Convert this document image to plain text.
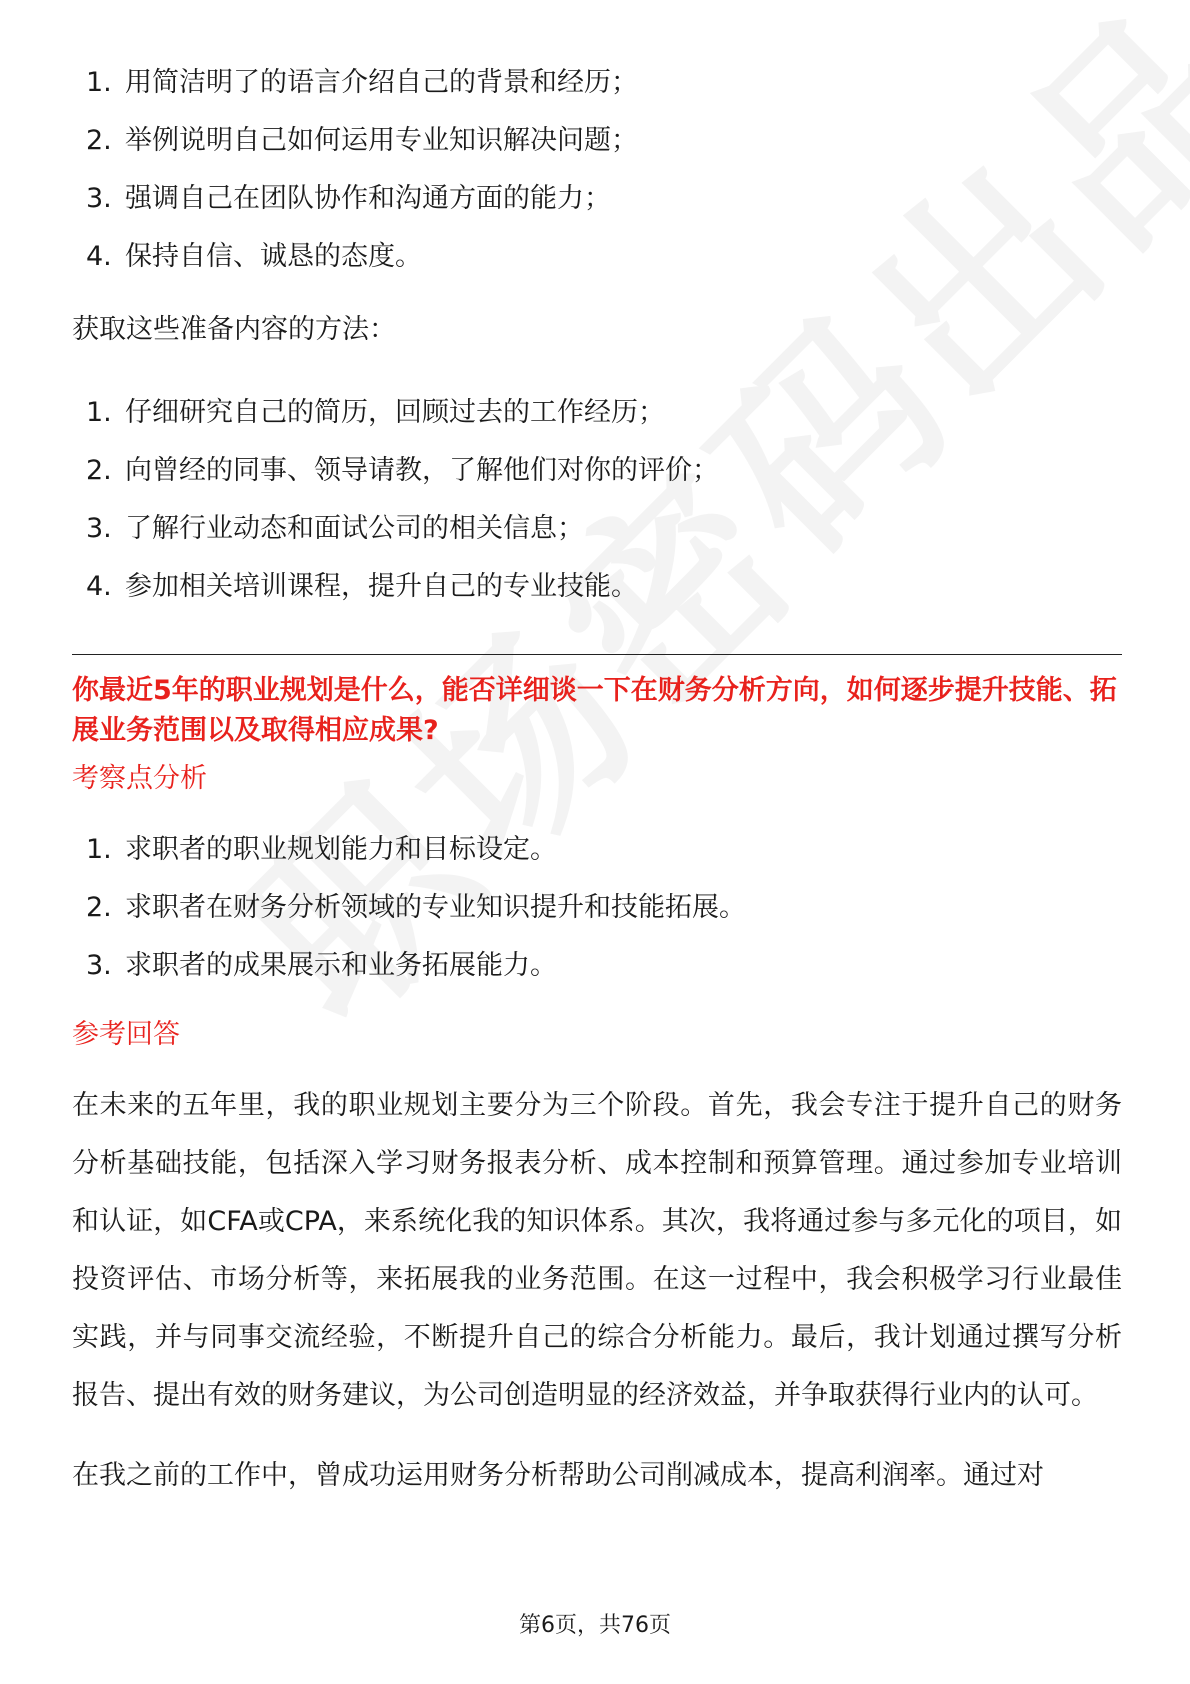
1. 用简洁明了的语言介绍自己的背景和经历；
2. 举例说明自己如何运用专业知识解决问题；
3. 强调自己在团队协作和沟通方面的能力；
4. 保持自信、诚恳的态度。

获取这些准备内容的方法：

1. 仔细研究自己的简历，回顾过去的工作经历；
2. 向曾经的同事、领导请教，了解他们对你的评价；
3. 了解行业动态和面试公司的相关信息；
4. 参加相关培训课程，提升自己的专业技能。

你最近5年的职业规划是什么，能否详细谈一下在财务分析方向，如何逐步提升技能、拓展业务范围以及取得相应成果?

考察点分析

1. 求职者的职业规划能力和目标设定。
2. 求职者在财务分析领域的专业知识提升和技能拓展。
3. 求职者的成果展示和业务拓展能力。

参考回答

在未来的五年里，我的职业规划主要分为三个阶段。首先，我会专注于提升自己的财务分析基础技能，包括深入学习财务报表分析、成本控制和预算管理。通过参加专业培训和认证，如CFA或CPA，来系统化我的知识体系。其次，我将通过参与多元化的项目，如投资评估、市场分析等，来拓展我的业务范围。在这一过程中，我会积极学习行业最佳实践，并与同事交流经验，不断提升自己的综合分析能力。最后，我计划通过撰写分析报告、提出有效的财务建议，为公司创造明显的经济效益，并争取获得行业内的认可。

在我之前的工作中，曾成功运用财务分析帮助公司削减成本，提高利润率。通过对

第6页，共76页
